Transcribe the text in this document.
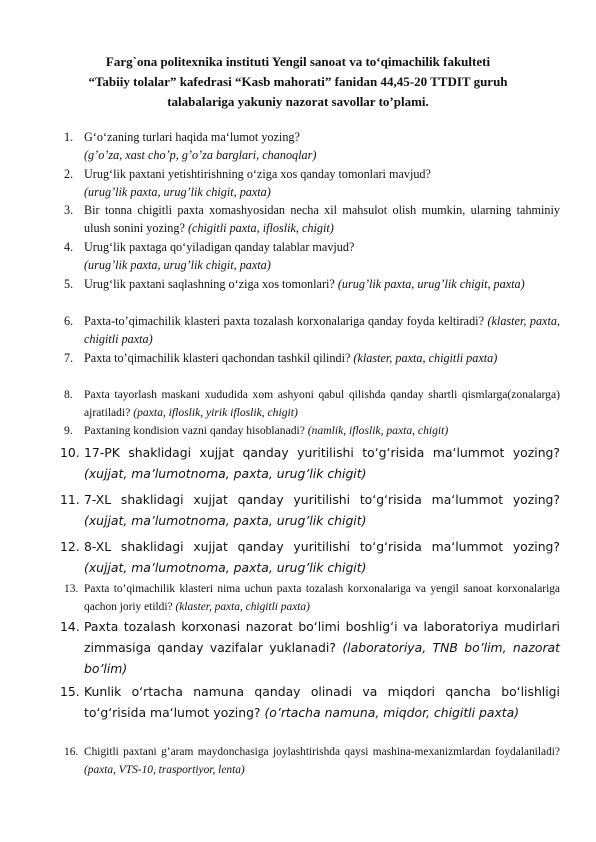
Farg`ona politexnika instituti Yengil sanoat va to‘qimachilik fakulteti
“Tabiiy tolalar” kafedrasi “Kasb mahorati” fanidan 44,45-20 TTDIT guruh
talabalariga yakuniy nazorat savollar to’plami.
1. G‘o‘zaning turlari haqida ma‘lumot yozing?
(g’o’za, xast cho’p, g’o’za barglari, chanoqlar)
2. Urug‘lik paxtani yetishtirishning o‘ziga xos qanday tomonlari mavjud?
(urug’lik paxta, urug’lik chigit, paxta)
3. Bir tonna chigitli paxta xomashyosidan necha xil mahsulot olish mumkin, ularning tahminiy ulush sonini yozing? (chigitli paxta, ifloslik, chigit)
4. Urug‘lik paxtaga qo‘yiladigan qanday talablar mavjud?
(urug’lik paxta, urug’lik chigit, paxta)
5. Urug‘lik paxtani saqlashning o‘ziga xos tomonlari? (urug’lik paxta, urug’lik chigit, paxta)
6. Paxta-to’qimachilik klasteri paxta tozalash korxonalariga qanday foyda keltiradi? (klaster, paxta, chigitli paxta)
7. Paxta to’qimachilik klasteri qachondan tashkil qilindi? (klaster, paxta, chigitli paxta)
8. Paxta tayorlash maskani xududida xom ashyoni qabul qilishda qanday shartli qismlarga(zonalarga) ajratiladi? (paxta, ifloslik, yirik ifloslik, chigit)
9. Paxtaning kondision vazni qanday hisoblanadi? (namlik, ifloslik, paxta, chigit)
10. 17-PK shaklidagi xujjat qanday yuritilishi to‘g‘risida ma‘lummot yozing? (xujjat, ma’lumotnoma, paxta, urug’lik chigit)
11. 7-XL shaklidagi xujjat qanday yuritilishi to‘g‘risida ma‘lummot yozing? (xujjat, ma’lumotnoma, paxta, urug’lik chigit)
12. 8-XL shaklidagi xujjat qanday yuritilishi to‘g‘risida ma‘lummot yozing? (xujjat, ma’lumotnoma, paxta, urug’lik chigit)
13. Paxta to’qimachilik klasteri nima uchun paxta tozalash korxonalariga va yengil sanoat korxonalariga qachon joriy etildi? (klaster, paxta, chigitli paxta)
14. Paxta tozalash korxonasi nazorat bo‘limi boshlig‘i va laboratoriya mudirlari zimmasiga qanday vazifalar yuklanadi? (laboratoriya, TNB bo’lim, nazorat bo’lim)
15. Kunlik o‘rtacha namuna qanday olinadi va miqdori qancha bo‘lishligi to‘g‘risida ma‘lumot yozing? (o’rtacha namuna, miqdor, chigitli paxta)
16. Chigitli paxtani g’aram maydonchasiga joylashtirishda qaysi mashina-mexanizmlardan foydalaniladi? (paxta, VTS-10, trasportiyor, lenta)
